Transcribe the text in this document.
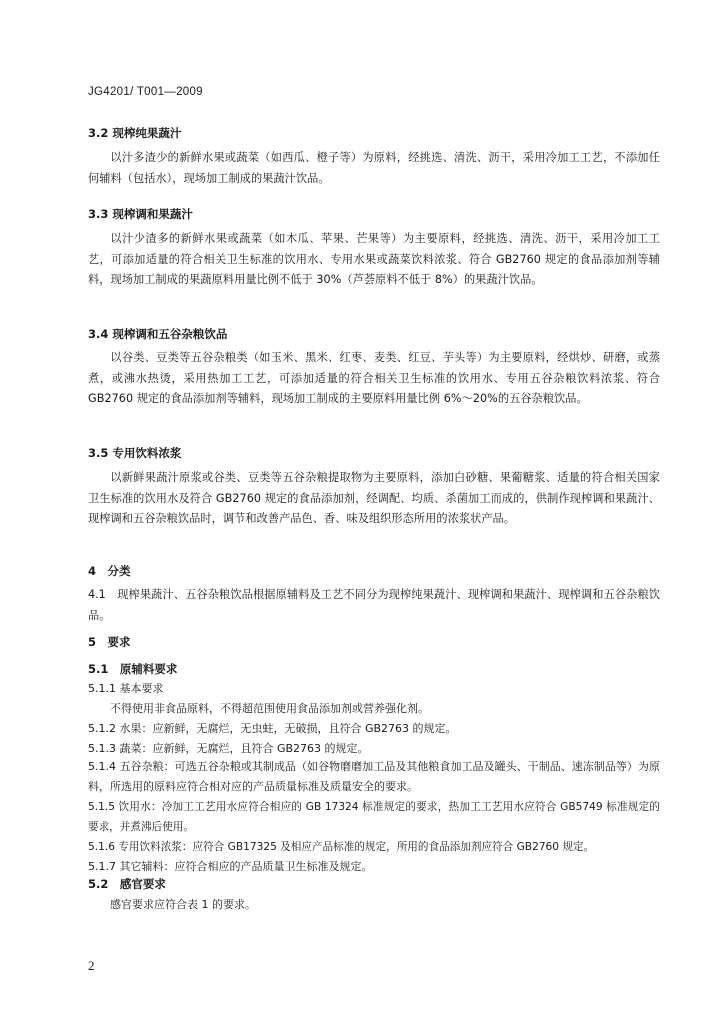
JG4201/ T001—2009
3.2 现榨纯果蔬汁

以汁多渣少的新鲜水果或蔬菜（如西瓜、橙子等）为原料，经挑选、清洗、沥干，采用冷加工工艺，不添加任何辅料（包括水），现场加工制成的果蔬汁饮品。

3.3 现榨调和果蔬汁

以汁少渣多的新鲜水果或蔬菜（如木瓜、苹果、芒果等）为主要原料，经挑选、清洗、沥干，采用冷加工工艺，可添加适量的符合相关卫生标准的饮用水、专用水果或蔬菜饮料浓浆、符合 GB2760 规定的食品添加剂等辅料，现场加工制成的果蔬原料用量比例不低于 30%（芦荟原料不低于 8%）的果蔬汁饮品。

3.4 现榨调和五谷杂粮饮品

以谷类、豆类等五谷杂粮类（如玉米、黑米、红枣、麦类、红豆、芋头等）为主要原料，经烘炒、研磨，或蒸煮，或沸水热烫，采用热加工工艺，可添加适量的符合相关卫生标准的饮用水、专用五谷杂粮饮料浓浆、符合 GB2760 规定的食品添加剂等辅料，现场加工制成的主要原料用量比例 6%～20%的五谷杂粮饮品。

3.5 专用饮料浓浆

以新鲜果蔬汁原浆或谷类、豆类等五谷杂粮提取物为主要原料，添加白砂糖、果葡糖浆、适量的符合相关国家卫生标准的饮用水及符合 GB2760 规定的食品添加剂，经调配、均质、杀菌加工而成的，供制作现榨调和果蔬汁、现榨调和五谷杂粮饮品时，调节和改善产品色、香、味及组织形态所用的浓浆状产品。

4　分类

4.1　现榨果蔬汁、五谷杂粮饮品根据原辅料及工艺不同分为现榨纯果蔬汁、现榨调和果蔬汁、现榨调和五谷杂粮饮品。

5　要求
5.1　原辅料要求
5.1.1 基本要求
不得使用非食品原料，不得超范围使用食品添加剂或营养强化剂。
5.1.2 水果：应新鲜，无腐烂，无虫蛀，无破损，且符合 GB2763 的规定。
5.1.3 蔬菜：应新鲜，无腐烂，且符合 GB2763 的规定。

5.1.4 五谷杂粮：可选五谷杂粮或其制成品（如谷物磨磨加工品及其他粮食加工品及罐头、干制品、速冻制品等）为原料，所选用的原料应符合相对应的产品质量标准及质量安全的要求。

5.1.5 饮用水：冷加工工艺用水应符合相应的 GB 17324 标准规定的要求，热加工工艺用水应符合 GB5749 标准规定的要求，并煮沸后使用。

5.1.6 专用饮料浓浆：应符合 GB17325 及相应产品标准的规定，所用的食品添加剂应符合 GB2760 规定。
5.1.7 其它辅料：应符合相应的产品质量卫生标准及规定。
5.2　感官要求
感官要求应符合表 1 的要求。
2
